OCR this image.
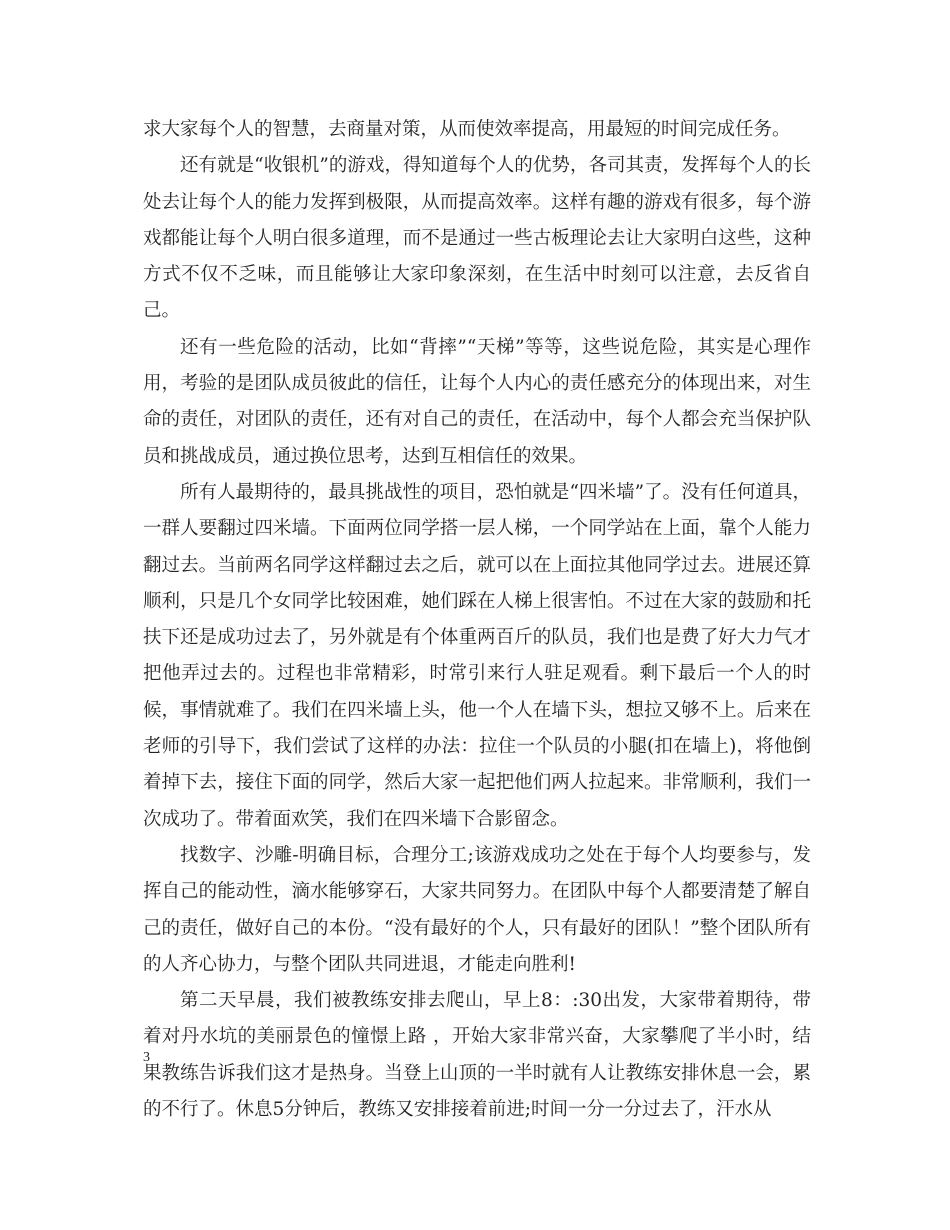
求大家每个人的智慧，去商量对策，从而使效率提高，用最短的时间完成任务。

还有就是“收银机”的游戏，得知道每个人的优势，各司其责，发挥每个人的长处去让每个人的能力发挥到极限，从而提高效率。这样有趣的游戏有很多，每个游戏都能让每个人明白很多道理，而不是通过一些古板理论去让大家明白这些，这种方式不仅不乏味，而且能够让大家印象深刻，在生活中时刻可以注意，去反省自己。

还有一些危险的活动，比如“背摔”“天梯”等等，这些说危险，其实是心理作用，考验的是团队成员彼此的信任，让每个人内心的责任感充分的体现出来，对生命的责任，对团队的责任，还有对自己的责任，在活动中，每个人都会充当保护队员和挑战成员，通过换位思考，达到互相信任的效果。

所有人最期待的，最具挑战性的项目，恐怕就是“四米墙”了。没有任何道具，一群人要翻过四米墙。下面两位同学搭一层人梯，一个同学站在上面，靠个人能力翻过去。当前两名同学这样翻过去之后，就可以在上面拉其他同学过去。进展还算顺利，只是几个女同学比较困难，她们踩在人梯上很害怕。不过在大家的鼓励和托扶下还是成功过去了，另外就是有个体重两百斤的队员，我们也是费了好大力气才把他弄过去的。过程也非常精彩，时常引来行人驻足观看。剩下最后一个人的时候，事情就难了。我们在四米墙上头，他一个人在墙下头，想拉又够不上。后来在老师的引导下，我们尝试了这样的办法：拉住一个队员的小腿(扣在墙上)，将他倒着掉下去，接住下面的同学，然后大家一起把他们两人拉起来。非常顺利，我们一次成功了。带着面欢笑，我们在四米墙下合影留念。

找数字、沙雕-明确目标，合理分工;该游戏成功之处在于每个人均要参与，发挥自己的能动性，滴水能够穿石，大家共同努力。在团队中每个人都要清楚了解自己的责任，做好自己的本份。“没有最好的个人，只有最好的团队！”整个团队所有的人齐心协力，与整个团队共同进退，才能走向胜利!

第二天早晨，我们被教练安排去爬山，早上8：:30出发，大家带着期待，带着对丹水坑的美丽景色的憧憬上路 ，开始大家非常兴奋，大家攀爬了半小时，结果教练告诉我们这才是热身。当登上山顶的一半时就有人让教练安排休息一会，累的不行了。休息5分钟后，教练又安排接着前进;时间一分一分过去了，汗水从

3
